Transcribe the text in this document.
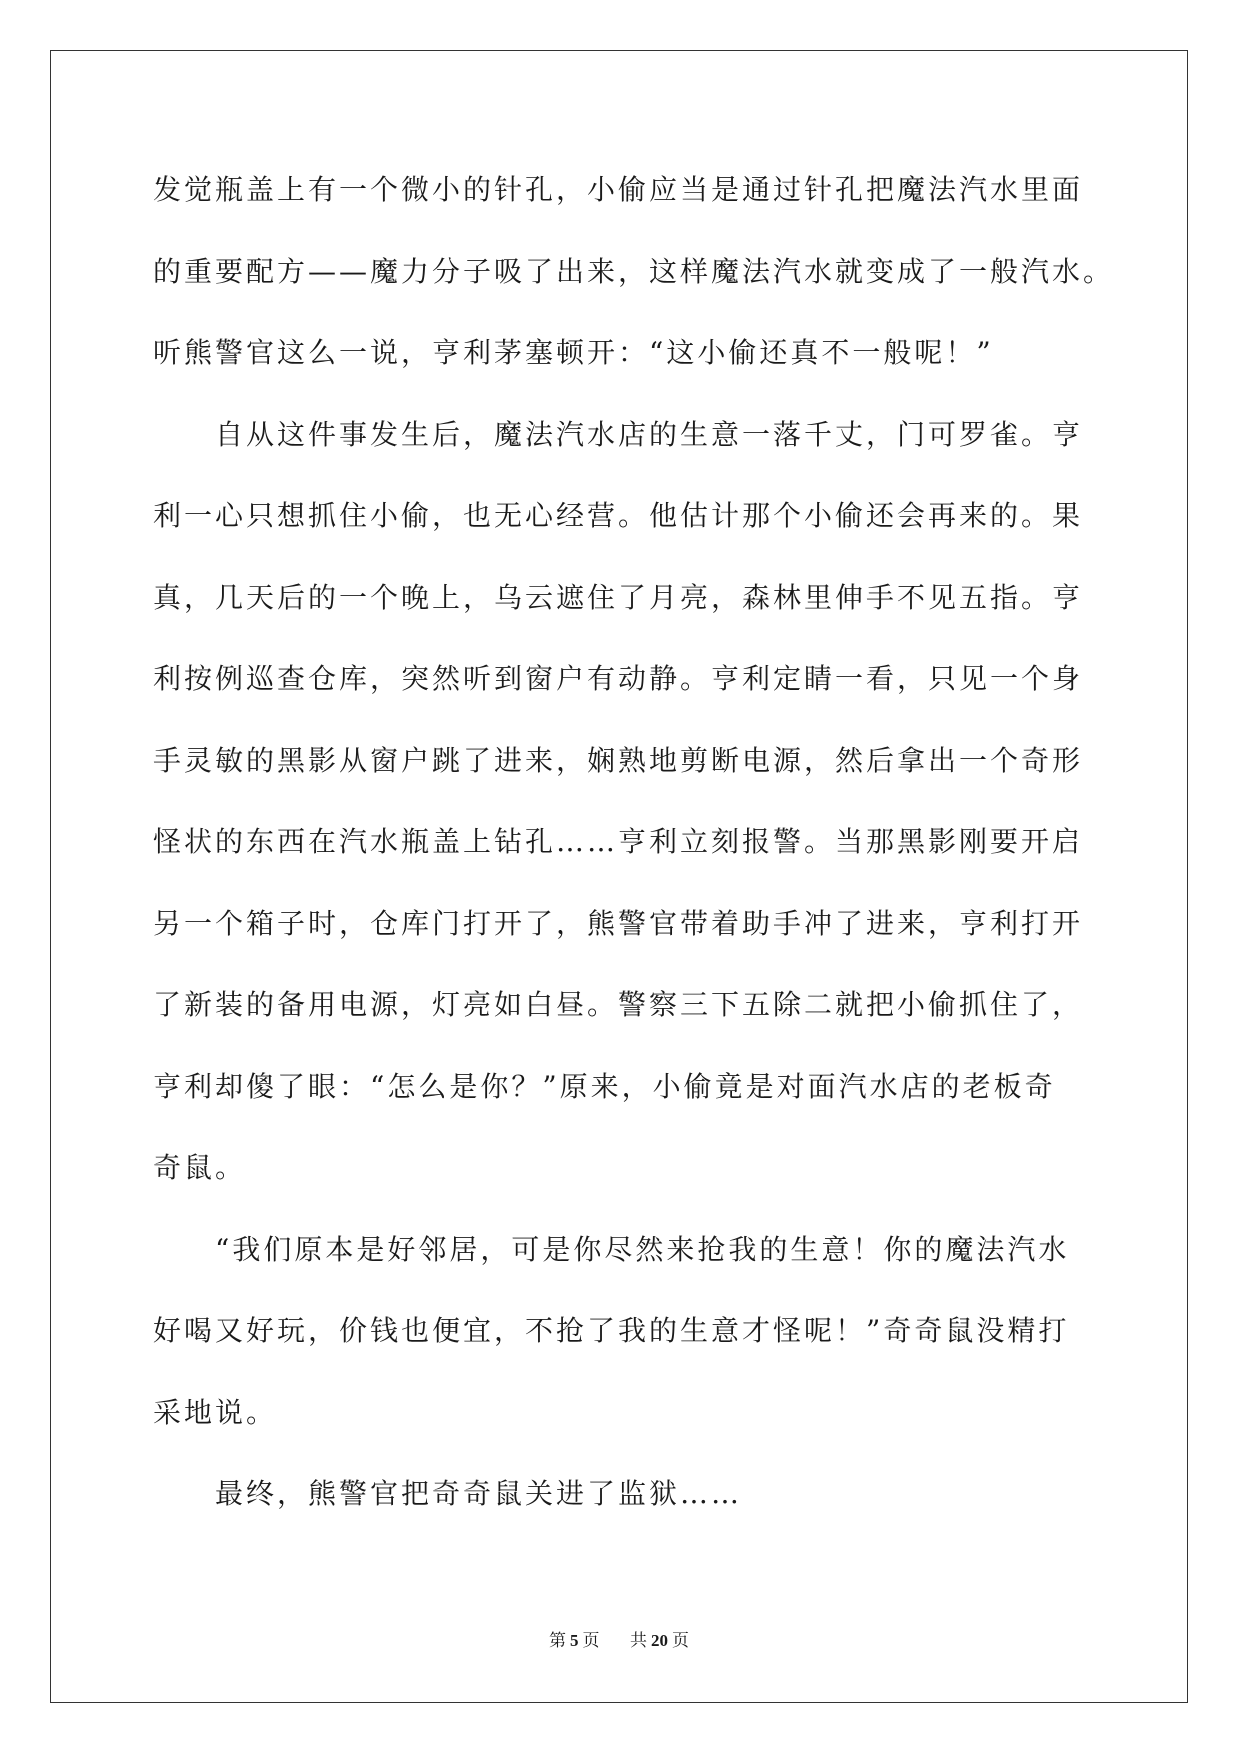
发觉瓶盖上有一个微小的针孔，小偷应当是通过针孔把魔法汽水里面
的重要配方——魔力分子吸了出来，这样魔法汽水就变成了一般汽水。
听熊警官这么一说，亨利茅塞顿开：“这小偷还真不一般呢！”
自从这件事发生后，魔法汽水店的生意一落千丈，门可罗雀。亨
利一心只想抓住小偷，也无心经营。他估计那个小偷还会再来的。果
真，几天后的一个晚上，乌云遮住了月亮，森林里伸手不见五指。亨
利按例巡查仓库，突然听到窗户有动静。亨利定睛一看，只见一个身
手灵敏的黑影从窗户跳了进来，娴熟地剪断电源，然后拿出一个奇形
怪状的东西在汽水瓶盖上钻孔……亨利立刻报警。当那黑影刚要开启
另一个箱子时，仓库门打开了，熊警官带着助手冲了进来，亨利打开
了新装的备用电源，灯亮如白昼。警察三下五除二就把小偷抓住了，
亨利却傻了眼：“怎么是你？”原来，小偷竟是对面汽水店的老板奇
奇鼠。
“我们原本是好邻居，可是你尽然来抢我的生意！你的魔法汽水
好喝又好玩，价钱也便宜，不抢了我的生意才怪呢！”奇奇鼠没精打
采地说。
最终，熊警官把奇奇鼠关进了监狱……
第 5 页 共 20 页
